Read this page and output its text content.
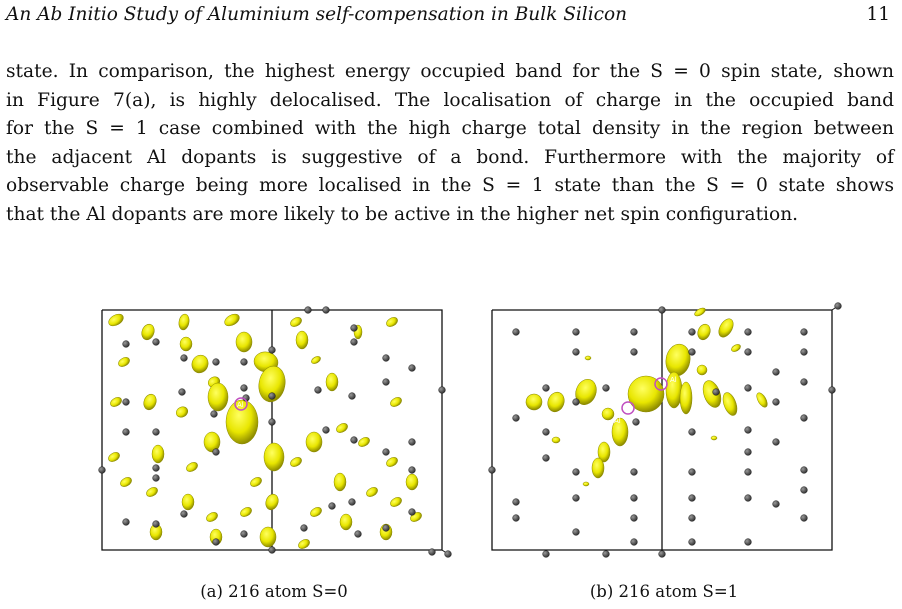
An Ab Initio Study of Aluminium self-compensation in Bulk Silicon	11
state. In comparison, the highest energy occupied band for the S = 0 spin state, shown
in Figure 7(a), is highly delocalised. The localisation of charge in the occupied band
for the S = 1 case combined with the high charge total density in the region between
the adjacent Al dopants is suggestive of a bond. Furthermore with the majority of
observable charge being more localised in the S = 1 state than the S = 0 state shows
that the Al dopants are more likely to be active in the higher net spin configuration.
Al
(a) 216 atom S=0
Al
Al
(b) 216 atom S=1
